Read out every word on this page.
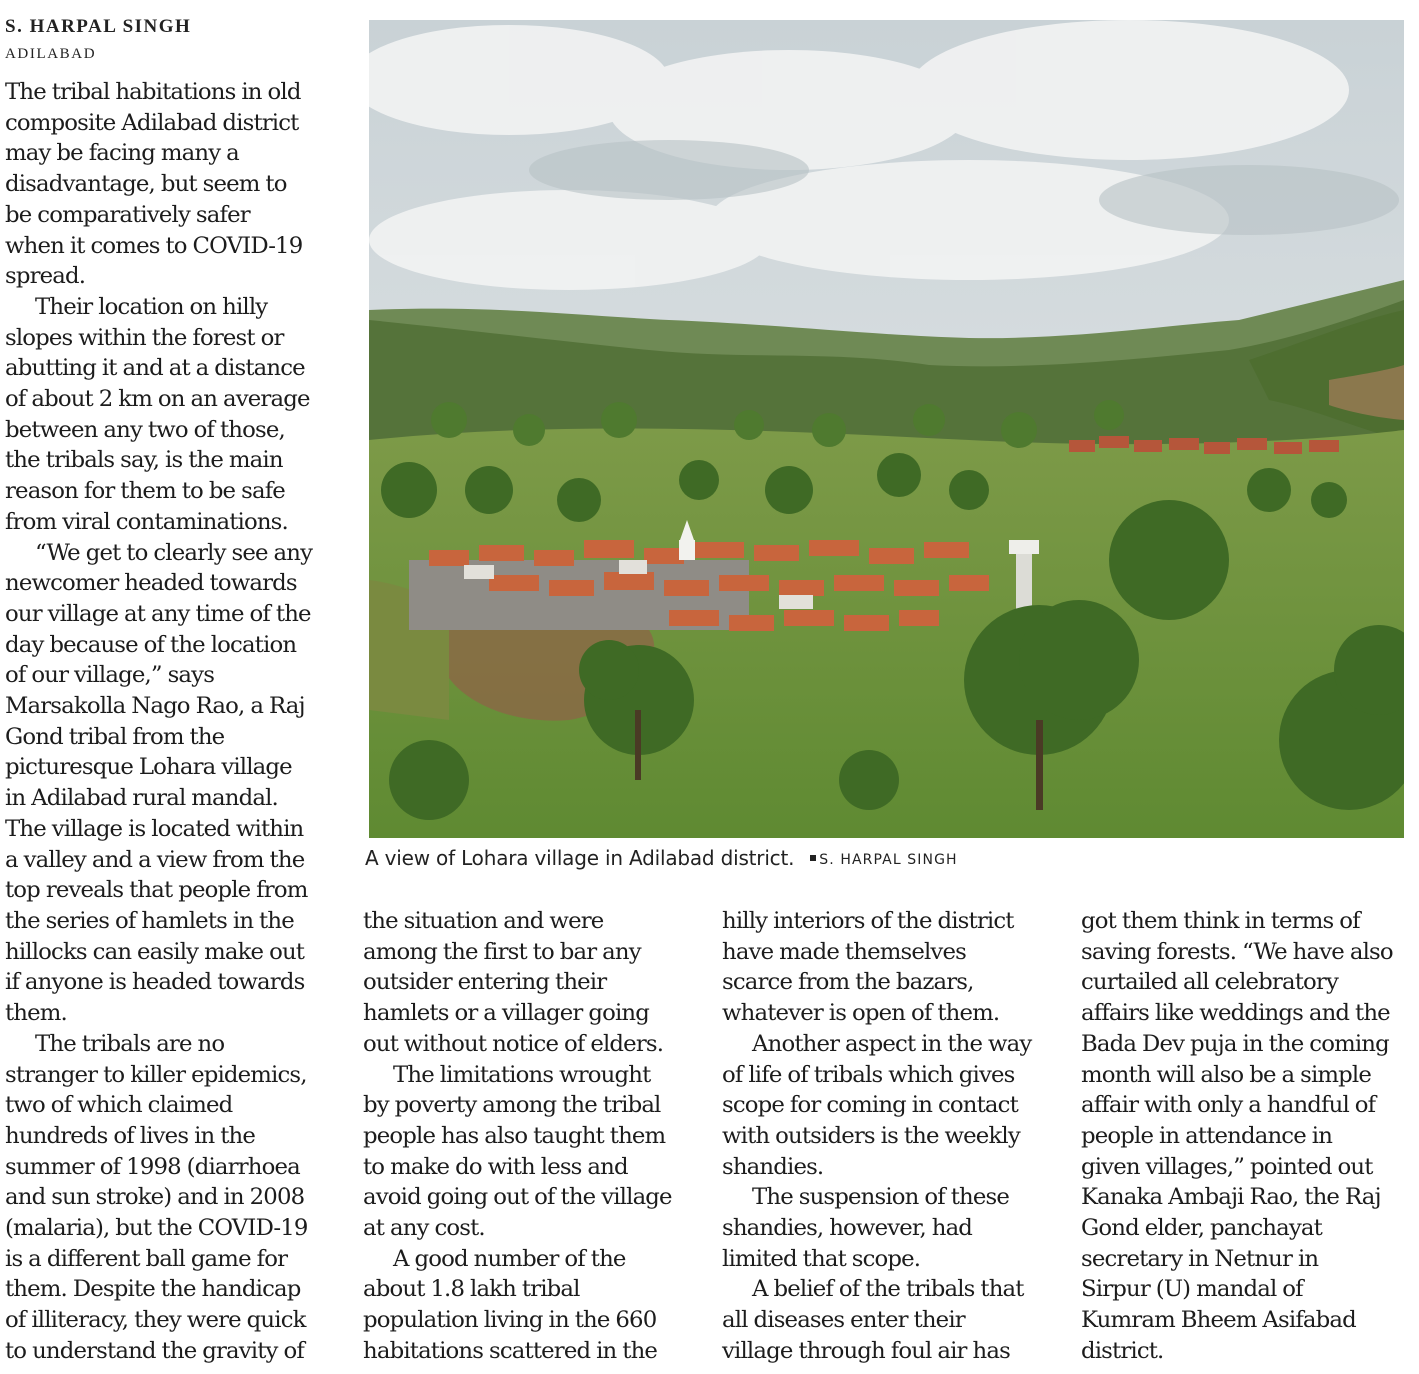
S. HARPAL SINGH
ADILABAD
The tribal habitations in old
composite Adilabad district
may be facing many a
disadvantage, but seem to
be comparatively safer
when it comes to COVID-19
spread.
Their location on hilly
slopes within the forest or
abutting it and at a distance
of about 2 km on an average
between any two of those,
the tribals say, is the main
reason for them to be safe
from viral contaminations.
“We get to clearly see any
newcomer headed towards
our village at any time of the
day because of the location
of our village,” says
Marsakolla Nago Rao, a Raj
Gond tribal from the
picturesque Lohara village
in Adilabad rural mandal.
The village is located within
a valley and a view from the
top reveals that people from
the series of hamlets in the
hillocks can easily make out
if anyone is headed towards
them.
The tribals are no
stranger to killer epidemics,
two of which claimed
hundreds of lives in the
summer of 1998 (diarrhoea
and sun stroke) and in 2008
(malaria), but the COVID-19
is a different ball game for
them. Despite the handicap
of illiteracy, they were quick
to understand the gravity of
the situation and were
among the first to bar any
outsider entering their
hamlets or a villager going
out without notice of elders.
The limitations wrought
by poverty among the tribal
people has also taught them
to make do with less and
avoid going out of the village
at any cost.
A good number of the
about 1.8 lakh tribal
population living in the 660
habitations scattered in the
hilly interiors of the district
have made themselves
scarce from the bazars,
whatever is open of them.
Another aspect in the way
of life of tribals which gives
scope for coming in contact
with outsiders is the weekly
shandies.
The suspension of these
shandies, however, had
limited that scope.
A belief of the tribals that
all diseases enter their
village through foul air has
got them think in terms of
saving forests. “We have also
curtailed all celebratory
affairs like weddings and the
Bada Dev puja in the coming
month will also be a simple
affair with only a handful of
people in attendance in
given villages,” pointed out
Kanaka Ambaji Rao, the Raj
Gond elder, panchayat
secretary in Netnur in
Sirpur (U) mandal of
Kumram Bheem Asifabad
district.
A view of Lohara village in Adilabad district. S. HARPAL SINGH
